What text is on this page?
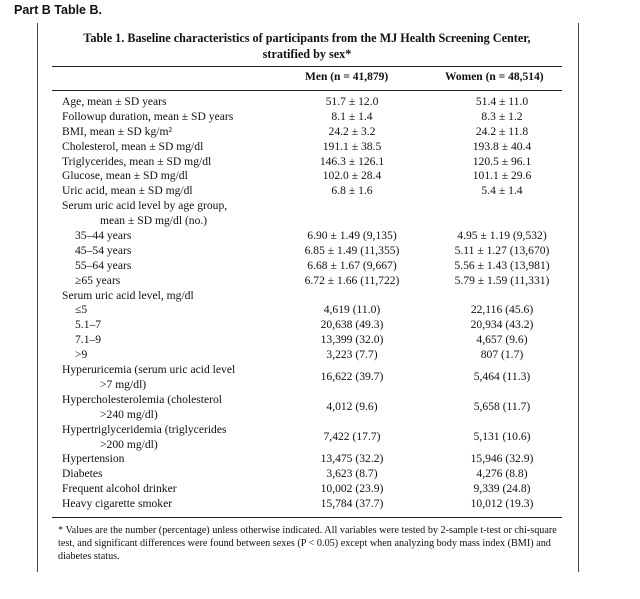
Part B Table B.
Table 1. Baseline characteristics of participants from the MJ Health Screening Center,
stratified by sex*
Men (n = 41,879)	Women (n = 48,514)
Age, mean ± SD years	51.7 ± 12.0	51.4 ± 11.0
Followup duration, mean ± SD years	8.1 ± 1.4	8.3 ± 1.2
BMI, mean ± SD kg/m²	24.2 ± 3.2	24.2 ± 11.8
Cholesterol, mean ± SD mg/dl	191.1 ± 38.5	193.8 ± 40.4
Triglycerides, mean ± SD mg/dl	146.3 ± 126.1	120.5 ± 96.1
Glucose, mean ± SD mg/dl	102.0 ± 28.4	101.1 ± 29.6
Uric acid, mean ± SD mg/dl	6.8 ± 1.6	5.4 ± 1.4
Serum uric acid level by age group,
mean ± SD mg/dl (no.)
35–44 years	6.90 ± 1.49 (9,135)	4.95 ± 1.19 (9,532)
45–54 years	6.85 ± 1.49 (11,355)	5.11 ± 1.27 (13,670)
55–64 years	6.68 ± 1.67 (9,667)	5.56 ± 1.43 (13,981)
≥65 years	6.72 ± 1.66 (11,722)	5.79 ± 1.59 (11,331)
Serum uric acid level, mg/dl
≤5	4,619 (11.0)	22,116 (45.6)
5.1–7	20,638 (49.3)	20,934 (43.2)
7.1–9	13,399 (32.0)	4,657 (9.6)
>9	3,223 (7.7)	807 (1.7)
Hyperuricemia (serum uric acid level
>7 mg/dl)
16,622 (39.7)	5,464 (11.3)
Hypercholesterolemia (cholesterol
>240 mg/dl)
4,012 (9.6)	5,658 (11.7)
Hypertriglyceridemia (triglycerides
>200 mg/dl)
7,422 (17.7)	5,131 (10.6)
Hypertension	13,475 (32.2)	15,946 (32.9)
Diabetes	3,623 (8.7)	4,276 (8.8)
Frequent alcohol drinker	10,002 (23.9)	9,339 (24.8)
Heavy cigarette smoker	15,784 (37.7)	10,012 (19.3)
* Values are the number (percentage) unless otherwise indicated. All variables were tested by 2-sample t-test or chi-square test, and significant differences were found between sexes (P < 0.05) except when analyzing body mass index (BMI) and diabetes status.
